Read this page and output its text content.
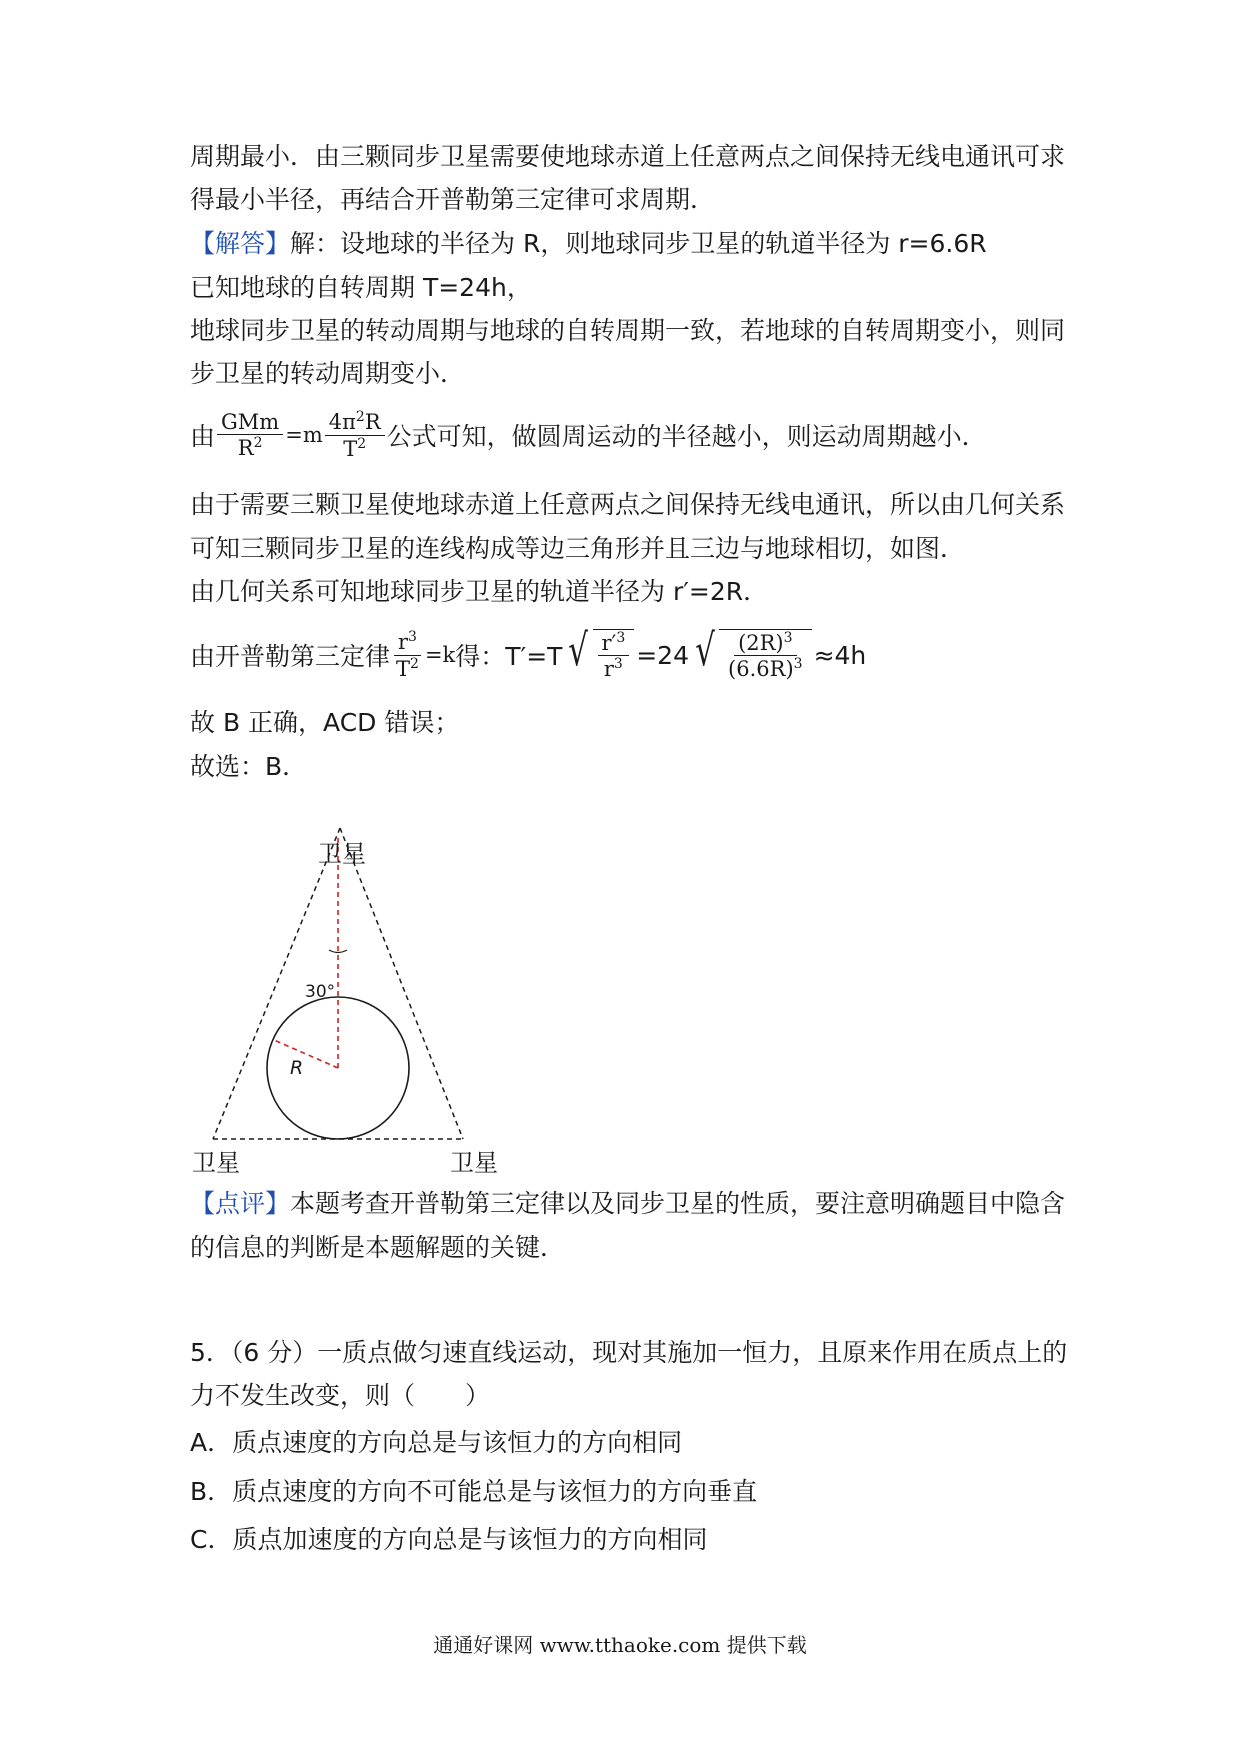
周期最小．由三颗同步卫星需要使地球赤道上任意两点之间保持无线电通讯可求
得最小半径，再结合开普勒第三定律可求周期．
【解答】解：设地球的半径为 R，则地球同步卫星的轨道半径为 r=6.6R
已知地球的自转周期 T=24h，
地球同步卫星的转动周期与地球的自转周期一致，若地球的自转周期变小，则同
步卫星的转动周期变小．
由 $\frac{\text{GMm}}{R^2} =m \frac{4\pi^2R}{T^2}$ 公式可知，做圆周运动的半径越小，则运动周期越小．
由于需要三颗卫星使地球赤道上任意两点之间保持无线电通讯，所以由几何关系
可知三颗同步卫星的连线构成等边三角形并且三边与地球相切，如图．
由几何关系可知地球同步卫星的轨道半径为 r′=2R．
由开普勒第三定律 $\frac{r^3}{T^2} =k$ 得：T′=T √ $\frac{r'^3}{r^3} =24$ √ $\frac{(2R)^3}{(6.6R)^3} \approx 4h$
故 B 正确，ACD 错误；
故选：B．
卫星
30°
R
卫星	卫星
【点评】本题考查开普勒第三定律以及同步卫星的性质，要注意明确题目中隐含
的信息的判断是本题解题的关键．
5．（6 分）一质点做匀速直线运动，现对其施加一恒力，且原来作用在质点上的
力不发生改变，则（　　）
A．质点速度的方向总是与该恒力的方向相同
B．质点速度的方向不可能总是与该恒力的方向垂直
C．质点加速度的方向总是与该恒力的方向相同
通通好课网 www.tthaoke.com 提供下载
